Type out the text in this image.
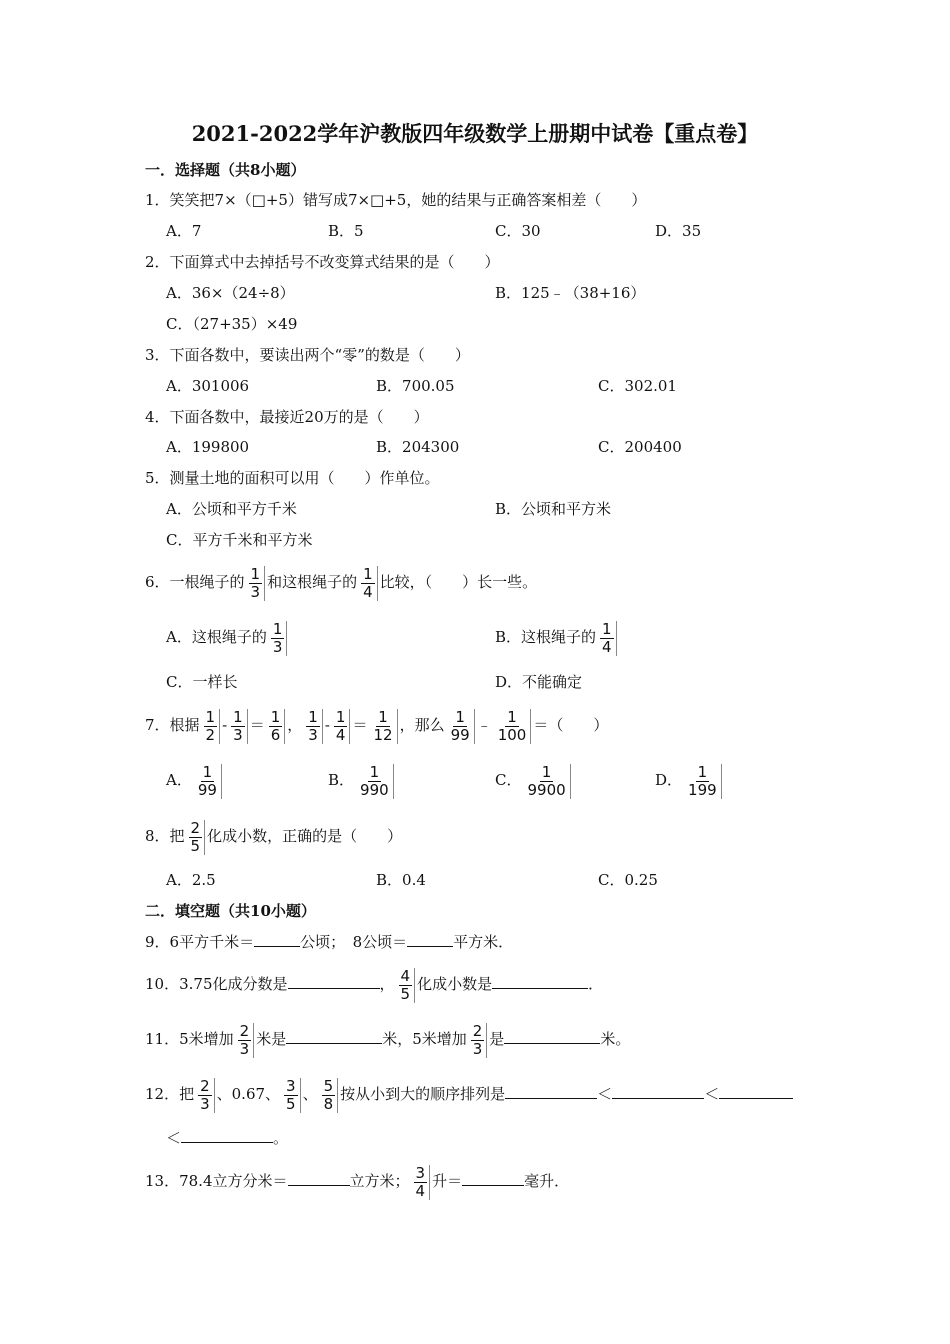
2021-2022学年沪教版四年级数学上册期中试卷【重点卷】
一．选择题（共8小题）
1．笑笑把7×（□+5）错写成7×□+5，她的结果与正确答案相差（　　）
A．7	B．5	C．30	D．35
2．下面算式中去掉括号不改变算式结果的是（　　）
A．36×（24÷8）	B．125﹣（38+16）
C．（27+35）×49
3．下面各数中，要读出两个“零”的数是（　　）
A．301006	B．700.05	C．302.01
4．下面各数中，最接近20万的是（　　）
A．199800	B．204300	C．200400
5．测量土地的面积可以用（　　）作单位。
A．公顷和平方千米	B．公顷和平方米
C．平方千米和平方米
6．一根绳子的 $\frac{1}{3}$ 和这根绳子的 $\frac{1}{4}$ 比较，（　　）长一些。
A．这根绳子的 $\frac{1}{3}$	B．这根绳子的 $\frac{1}{4}$
C．一样长	D．不能确定
7．根据 $\frac{1}{2} - \frac{1}{3} = \frac{1}{6}$ ， $\frac{1}{3} - \frac{1}{4} = \frac{1}{12}$ ，那么 $\frac{1}{99}$ ﹣ $\frac{1}{100}$ ＝（　　）
A． $\frac{1}{99}$	B． $\frac{1}{990}$	C． $\frac{1}{9900}$	D． $\frac{1}{199}$
8．把 $\frac{2}{5}$ 化成小数，正确的是（　　）
A．2.5	B．0.4	C．0.25
二．填空题（共10小题）
9．6平方千米＝	公顷；　8公顷＝	平方米．
10．3.75化成分数是	， $\frac{4}{5}$ 化成小数是	．
11．5米增加 $\frac{2}{3}$ 米是	米，5米增加 $\frac{2}{3}$ 是	米。
12．把 $\frac{2}{3}$ 、0.67、 $\frac{3}{5}$ 、 $\frac{5}{8}$ 按从小到大的顺序排列是	＜	＜
＜	。
13．78.4立方分米＝	立方米； $\frac{3}{4}$ 升＝	毫升．
